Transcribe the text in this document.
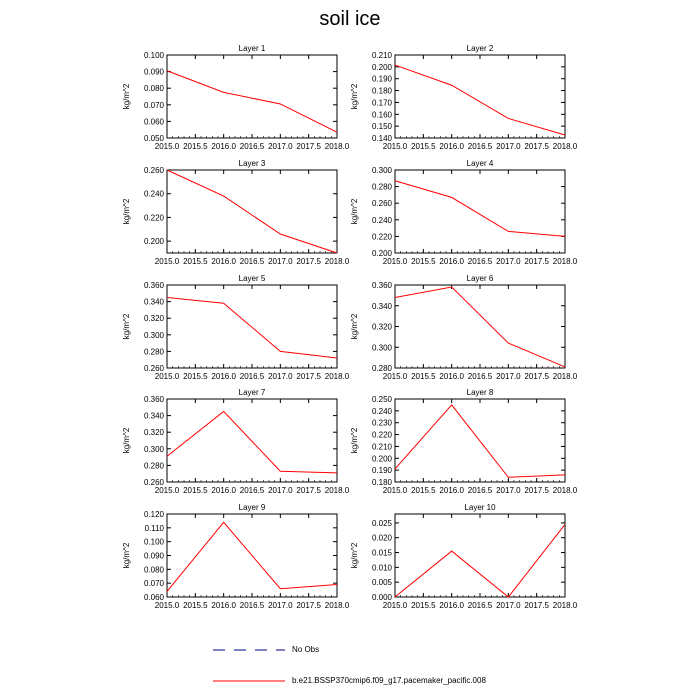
soil ice
Layer 1
kg/m^2
2015.0 2015.5 2016.0 2016.5 2017.0 2017.5 2018.0
0.050
0.060
0.070
0.080
0.090
0.100
Layer 2
kg/m^2
2015.0 2015.5 2016.0 2016.5 2017.0 2017.5 2018.0
0.140
0.150
0.160
0.170
0.180
0.190
0.200
0.210
Layer 3
kg/m^2
2015.0 2015.5 2016.0 2016.5 2017.0 2017.5 2018.0
0.200
0.220
0.240
0.260
Layer 4
kg/m^2
2015.0 2015.5 2016.0 2016.5 2017.0 2017.5 2018.0
0.200
0.220
0.240
0.260
0.280
0.300
Layer 5
kg/m^2
2015.0 2015.5 2016.0 2016.5 2017.0 2017.5 2018.0
0.260
0.280
0.300
0.320
0.340
0.360
Layer 6
kg/m^2
2015.0 2015.5 2016.0 2016.5 2017.0 2017.5 2018.0
0.280
0.300
0.320
0.340
0.360
Layer 7
kg/m^2
2015.0 2015.5 2016.0 2016.5 2017.0 2017.5 2018.0
0.260
0.280
0.300
0.320
0.340
0.360
Layer 8
kg/m^2
2015.0 2015.5 2016.0 2016.5 2017.0 2017.5 2018.0
0.180
0.190
0.200
0.210
0.220
0.230
0.240
0.250
Layer 9
kg/m^2
2015.0 2015.5 2016.0 2016.5 2017.0 2017.5 2018.0
0.060
0.070
0.080
0.090
0.100
0.110
0.120
Layer 10
kg/m^2
2015.0 2015.5 2016.0 2016.5 2017.0 2017.5 2018.0
0.000
0.005
0.010
0.015
0.020
0.025
No Obs
b.e21.BSSP370cmip6.f09_g17.pacemaker_pacific.008
